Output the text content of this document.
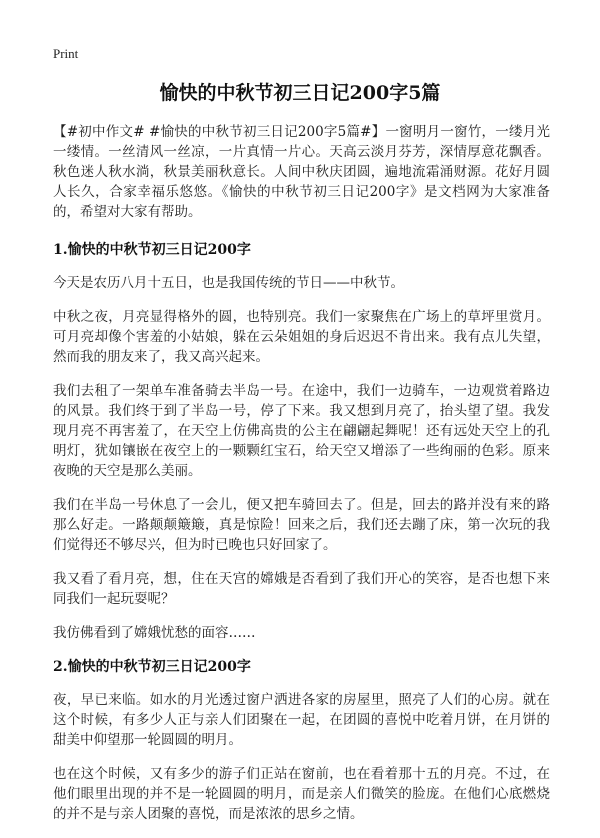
Print
愉快的中秋节初三日记200字5篇

【#初中作文# #愉快的中秋节初三日记200字5篇#】一窗明月一窗竹，一缕月光一缕情。一丝清风一丝凉，一片真情一片心。天高云淡月芬芳，深情厚意花飘香。秋色迷人秋水淌，秋景美丽秋意长。人间中秋庆团圆，遍地流霜涌财源。花好月圆人长久，合家幸福乐悠悠。《愉快的中秋节初三日记200字》是文档网为大家准备的，希望对大家有帮助。

1.愉快的中秋节初三日记200字

今天是农历八月十五日，也是我国传统的节日——中秋节。

中秋之夜，月亮显得格外的圆，也特别亮。我们一家聚焦在广场上的草坪里赏月。可月亮却像个害羞的小姑娘，躲在云朵姐姐的身后迟迟不肯出来。我有点儿失望，然而我的朋友来了，我又高兴起来。

我们去租了一架单车准备骑去半岛一号。在途中，我们一边骑车，一边观赏着路边的风景。我们终于到了半岛一号，停了下来。我又想到月亮了，抬头望了望。我发现月亮不再害羞了，在天空上仿佛高贵的公主在翩翩起舞呢！还有远处天空上的孔明灯，犹如镶嵌在夜空上的一颗颗红宝石，给天空又增添了一些绚丽的色彩。原来夜晚的天空是那么美丽。

我们在半岛一号休息了一会儿，便又把车骑回去了。但是，回去的路并没有来的路那么好走。一路颠颠簸簸，真是惊险！回来之后，我们还去蹦了床，第一次玩的我们觉得还不够尽兴，但为时已晚也只好回家了。

我又看了看月亮，想，住在天宫的嫦娥是否看到了我们开心的笑容，是否也想下来同我们一起玩耍呢？

我仿佛看到了嫦娥忧愁的面容……

2.愉快的中秋节初三日记200字

夜，早已来临。如水的月光透过窗户洒进各家的房屋里，照亮了人们的心房。就在这个时候，有多少人正与亲人们团聚在一起，在团圆的喜悦中吃着月饼，在月饼的甜美中仰望那一轮圆圆的明月。

也在这个时候，又有多少的游子们正站在窗前，也在看着那十五的月亮。不过，在他们眼里出现的并不是一轮圆圆的明月，而是亲人们微笑的脸庞。在他们心底燃烧的并不是与亲人团聚的喜悦，而是浓浓的思乡之情。
